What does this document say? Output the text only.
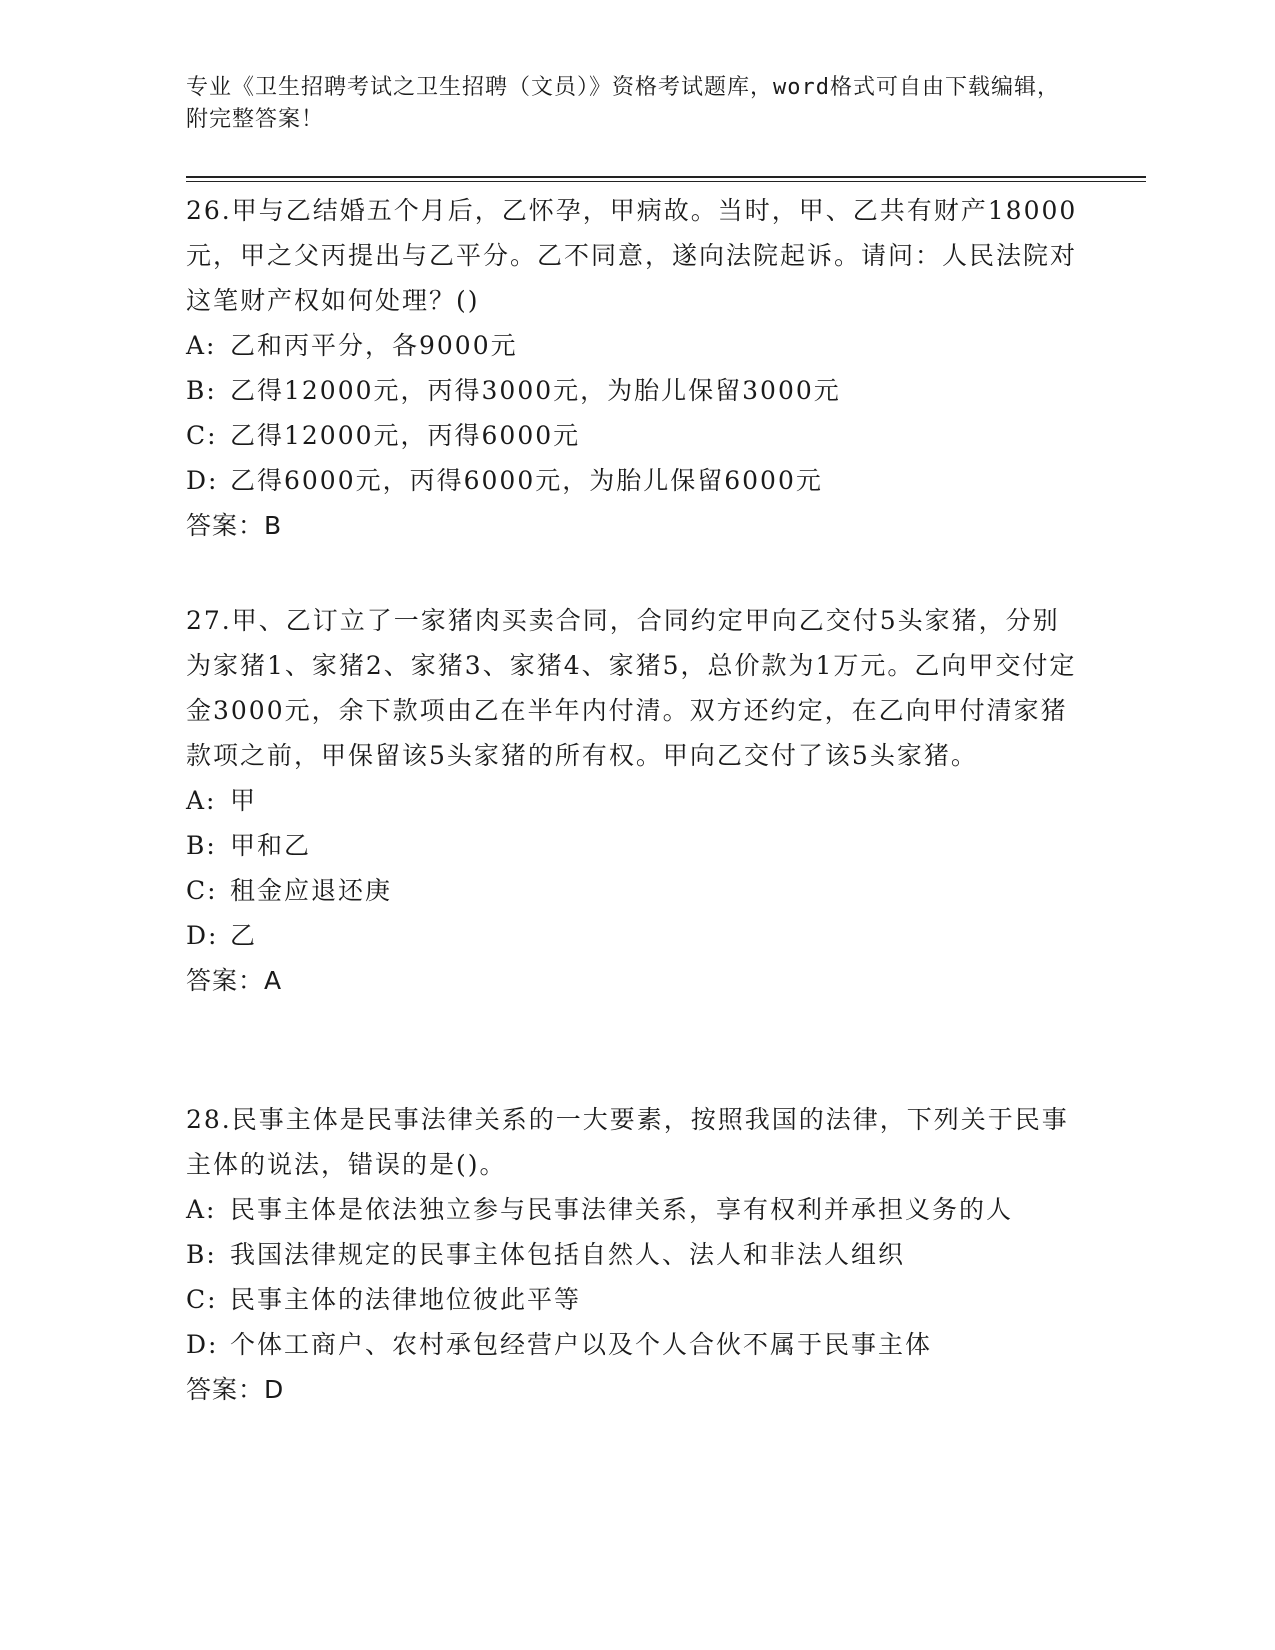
专业《卫生招聘考试之卫生招聘（文员）》资格考试题库，word格式可自由下载编辑，附完整答案！
26.甲与乙结婚五个月后，乙怀孕，甲病故。当时，甲、乙共有财产18000元，甲之父丙提出与乙平分。乙不同意，遂向法院起诉。请问：人民法院对这笔财产权如何处理？()
A: 乙和丙平分，各9000元
B: 乙得12000元，丙得3000元，为胎儿保留3000元
C: 乙得12000元，丙得6000元
D: 乙得6000元，丙得6000元，为胎儿保留6000元
答案：B
27.甲、乙订立了一家猪肉买卖合同，合同约定甲向乙交付5头家猪，分别为家猪1、家猪2、家猪3、家猪4、家猪5，总价款为1万元。乙向甲交付定金3000元，余下款项由乙在半年内付清。双方还约定，在乙向甲付清家猪款项之前，甲保留该5头家猪的所有权。甲向乙交付了该5头家猪。
A: 甲
B: 甲和乙
C: 租金应退还庚
D: 乙
答案：A
28.民事主体是民事法律关系的一大要素，按照我国的法律，下列关于民事主体的说法，错误的是()。
A: 民事主体是依法独立参与民事法律关系，享有权利并承担义务的人
B: 我国法律规定的民事主体包括自然人、法人和非法人组织
C: 民事主体的法律地位彼此平等
D: 个体工商户、农村承包经营户以及个人合伙不属于民事主体
答案：D
